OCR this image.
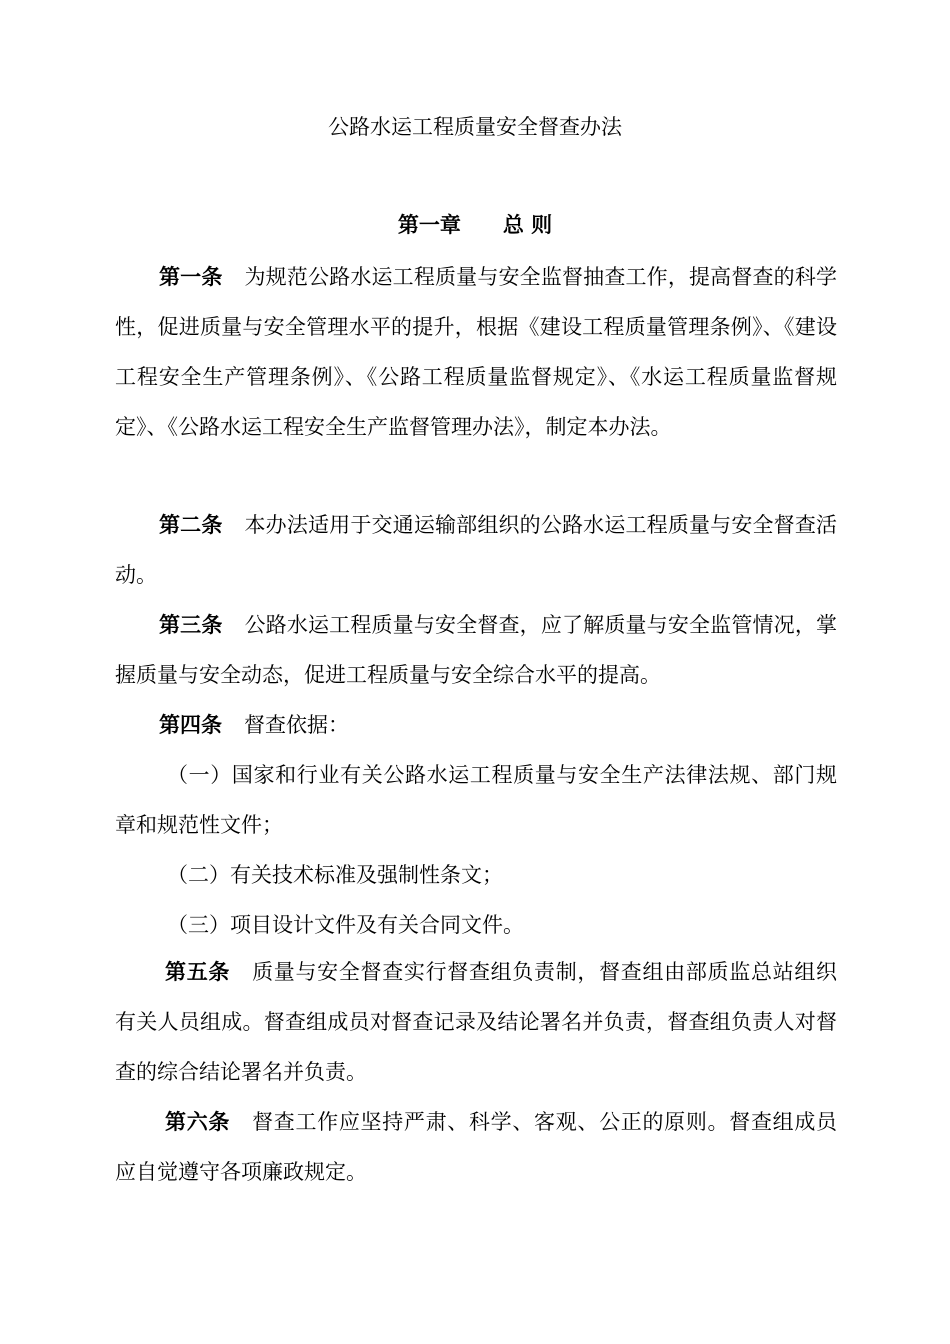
公路水运工程质量安全督查办法
第一章 总 则
第一条 为规范公路水运工程质量与安全监督抽查工作，提高督查的科学性，促进质量与安全管理水平的提升，根据《建设工程质量管理条例》、《建设工程安全生产管理条例》、《公路工程质量监督规定》、《水运工程质量监督规定》、《公路水运工程安全生产监督管理办法》，制定本办法。
第二条 本办法适用于交通运输部组织的公路水运工程质量与安全督查活动。
第三条 公路水运工程质量与安全督查，应了解质量与安全监管情况，掌握质量与安全动态，促进工程质量与安全综合水平的提高。
第四条 督查依据：
（一）国家和行业有关公路水运工程质量与安全生产法律法规、部门规章和规范性文件；
（二）有关技术标准及强制性条文；
（三）项目设计文件及有关合同文件。
第五条 质量与安全督查实行督查组负责制，督查组由部质监总站组织有关人员组成。督查组成员对督查记录及结论署名并负责，督查组负责人对督查的综合结论署名并负责。
第六条 督查工作应坚持严肃、科学、客观、公正的原则。督查组成员应自觉遵守各项廉政规定。
